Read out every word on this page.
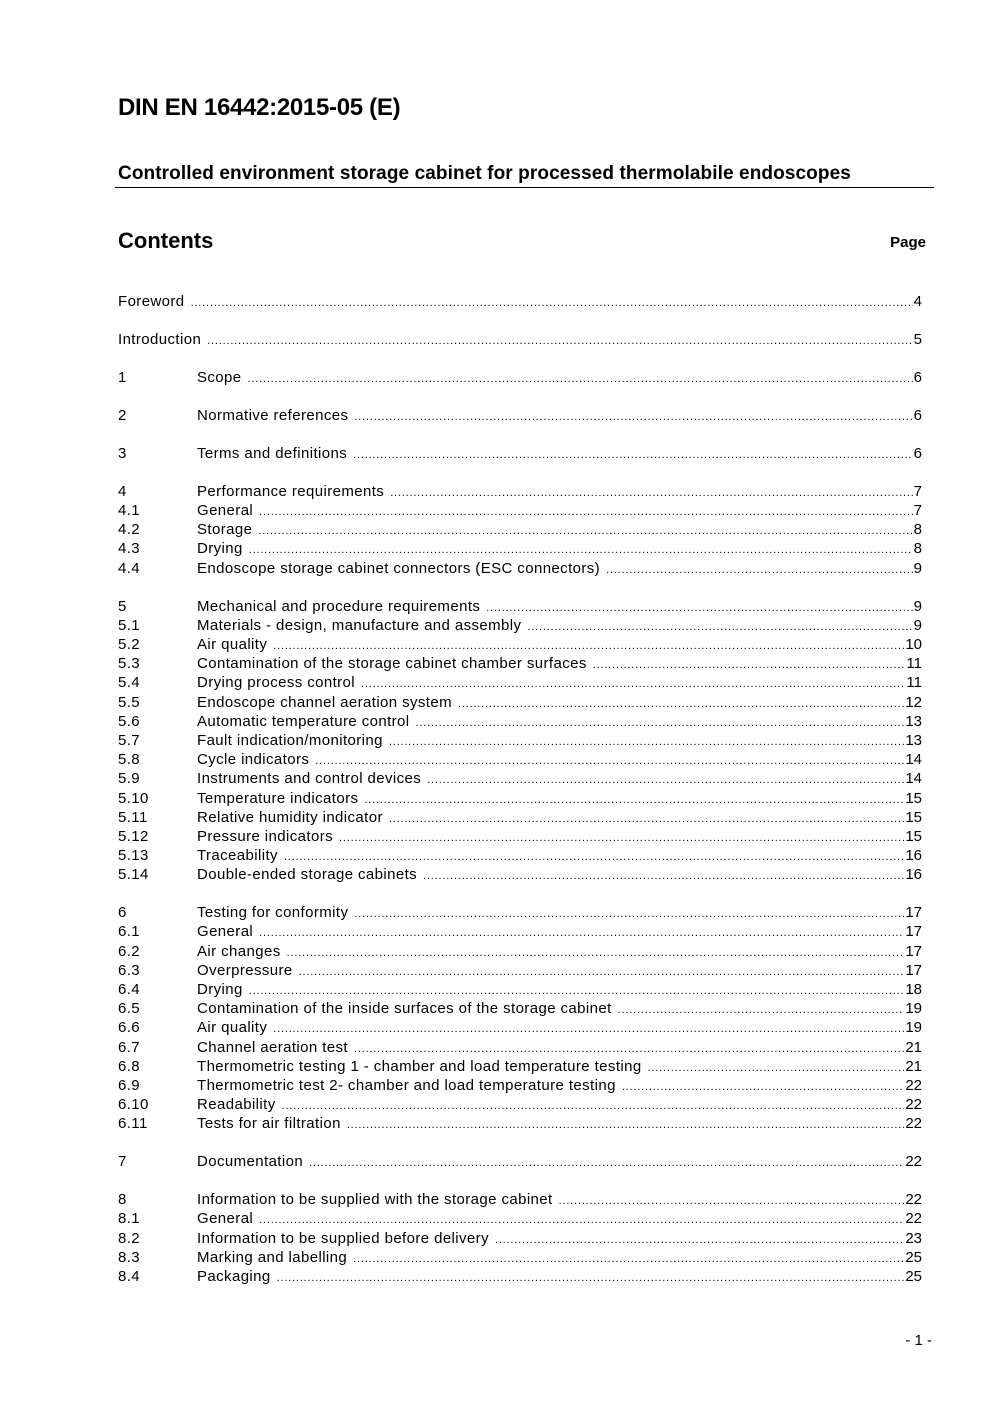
DIN EN 16442:2015-05 (E)
Controlled environment storage cabinet for processed thermolabile endoscopes
Contents	Page
Foreword .....	4
Introduction .....	5
1	Scope .....	6
2	Normative references .....	6
3	Terms and definitions .....	6
4	Performance requirements .....	7
4.1	General .....	7
4.2	Storage .....	8
4.3	Drying .....	8
4.4	Endoscope storage cabinet connectors (ESC connectors) .....	9
5	Mechanical and procedure requirements .....	9
5.1	Materials - design, manufacture and assembly .....	9
5.2	Air quality .....	10
5.3	Contamination of the storage cabinet chamber surfaces .....	11
5.4	Drying process control .....	11
5.5	Endoscope channel aeration system .....	12
5.6	Automatic temperature control .....	13
5.7	Fault indication/monitoring .....	13
5.8	Cycle indicators .....	14
5.9	Instruments and control devices .....	14
5.10	Temperature indicators .....	15
5.11	Relative humidity indicator .....	15
5.12	Pressure indicators .....	15
5.13	Traceability .....	16
5.14	Double-ended storage cabinets .....	16
6	Testing for conformity .....	17
6.1	General .....	17
6.2	Air changes .....	17
6.3	Overpressure .....	17
6.4	Drying .....	18
6.5	Contamination of the inside surfaces of the storage cabinet .....	19
6.6	Air quality .....	19
6.7	Channel aeration test .....	21
6.8	Thermometric testing 1 - chamber and load temperature testing .....	21
6.9	Thermometric test 2- chamber and load temperature testing .....	22
6.10	Readability .....	22
6.11	Tests for air filtration .....	22
7	Documentation .....	22
8	Information to be supplied with the storage cabinet .....	22
8.1	General .....	22
8.2	Information to be supplied before delivery .....	23
8.3	Marking and labelling .....	25
8.4	Packaging .....	25
- 1 -
